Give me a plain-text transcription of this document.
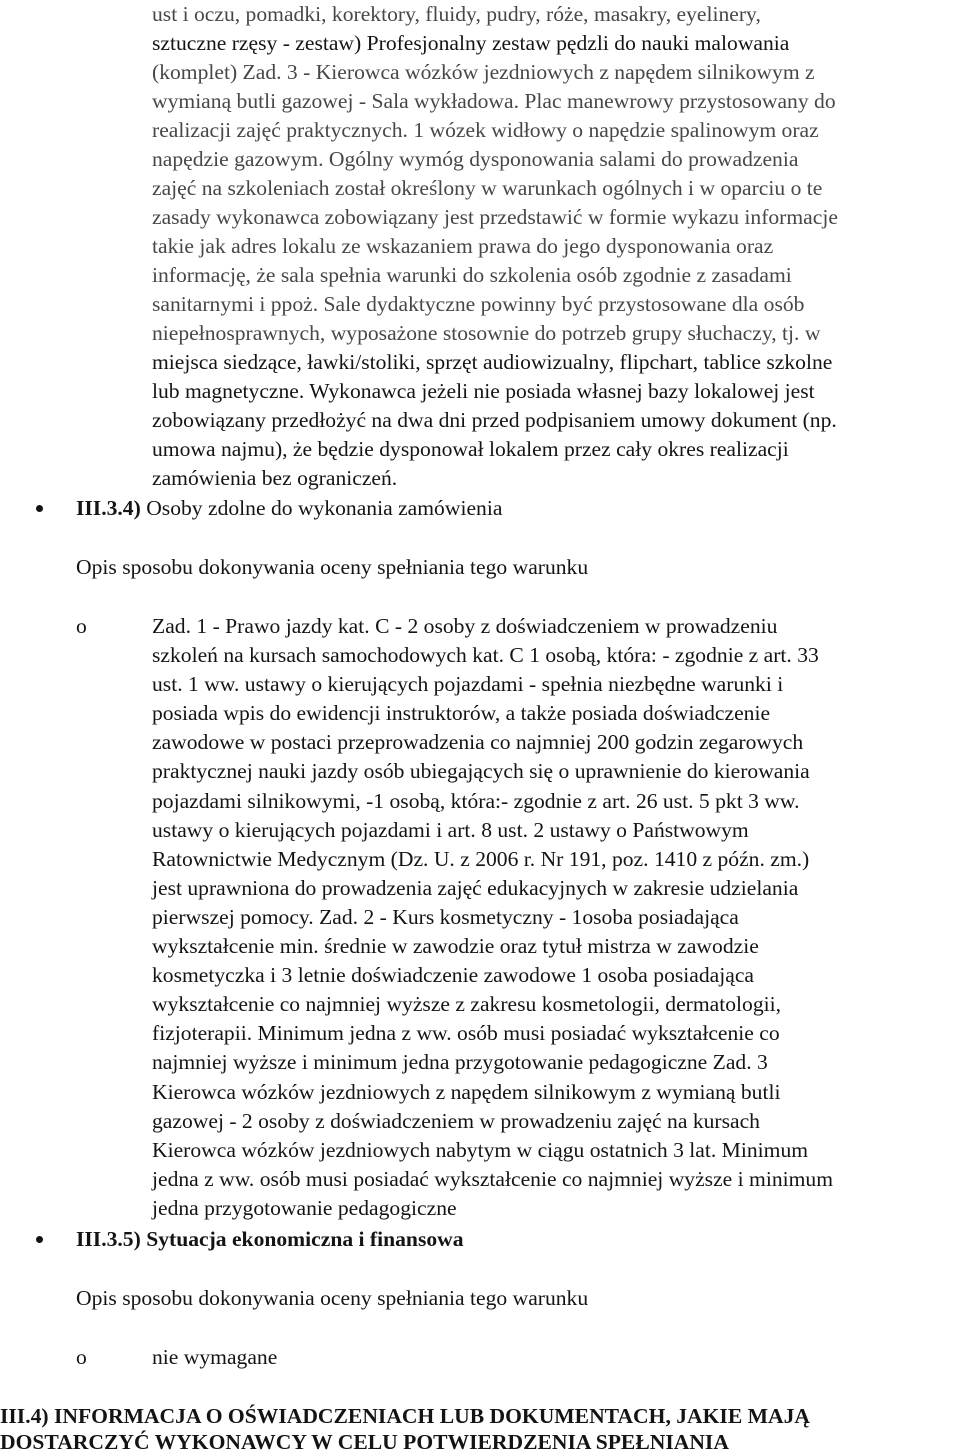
ust i oczu, pomadki, korektory, fluidy, pudry, róże, masakry, eyelinery,
sztuczne rzęsy - zestaw) Profesjonalny zestaw pędzli do nauki malowania
(komplet) Zad. 3 - Kierowca wózków jezdniowych z napędem silnikowym z
wymianą butli gazowej - Sala wykładowa. Plac manewrowy przystosowany do
realizacji zajęć praktycznych. 1 wózek widłowy o napędzie spalinowym oraz
napędzie gazowym. Ogólny wymóg dysponowania salami do prowadzenia
zajęć na szkoleniach został określony w warunkach ogólnych i w oparciu o te
zasady wykonawca zobowiązany jest przedstawić w formie wykazu informacje
takie jak adres lokalu ze wskazaniem prawa do jego dysponowania oraz
informację, że sala spełnia warunki do szkolenia osób zgodnie z zasadami
sanitarnymi i ppoż. Sale dydaktyczne powinny być przystosowane dla osób
niepełnosprawnych, wyposażone stosownie do potrzeb grupy słuchaczy, tj. w
miejsca siedzące, ławki/stoliki, sprzęt audiowizualny, flipchart, tablice szkolne
lub magnetyczne. Wykonawca jeżeli nie posiada własnej bazy lokalowej jest
zobowiązany przedłożyć na dwa dni przed podpisaniem umowy dokument (np.
umowa najmu), że będzie dysponował lokalem przez cały okres realizacji
zamówienia bez ograniczeń.
III.3.4) Osoby zdolne do wykonania zamówienia
Opis sposobu dokonywania oceny spełniania tego warunku
o	Zad. 1 - Prawo jazdy kat. C - 2 osoby z doświadczeniem w prowadzeniu
szkoleń na kursach samochodowych kat. C 1 osobą, która: - zgodnie z art. 33
ust. 1 ww. ustawy o kierujących pojazdami - spełnia niezbędne warunki i
posiada wpis do ewidencji instruktorów, a także posiada doświadczenie
zawodowe w postaci przeprowadzenia co najmniej 200 godzin zegarowych
praktycznej nauki jazdy osób ubiegających się o uprawnienie do kierowania
pojazdami silnikowymi, -1 osobą, która:- zgodnie z art. 26 ust. 5 pkt 3 ww.
ustawy o kierujących pojazdami i art. 8 ust. 2 ustawy o Państwowym
Ratownictwie Medycznym (Dz. U. z 2006 r. Nr 191, poz. 1410 z późn. zm.)
jest uprawniona do prowadzenia zajęć edukacyjnych w zakresie udzielania
pierwszej pomocy. Zad. 2 - Kurs kosmetyczny - 1osoba posiadająca
wykształcenie min. średnie w zawodzie oraz tytuł mistrza w zawodzie
kosmetyczka i 3 letnie doświadczenie zawodowe 1 osoba posiadająca
wykształcenie co najmniej wyższe z zakresu kosmetologii, dermatologii,
fizjoterapii. Minimum jedna z ww. osób musi posiadać wykształcenie co
najmniej wyższe i minimum jedna przygotowanie pedagogiczne Zad. 3
Kierowca wózków jezdniowych z napędem silnikowym z wymianą butli
gazowej - 2 osoby z doświadczeniem w prowadzeniu zajęć na kursach
Kierowca wózków jezdniowych nabytym w ciągu ostatnich 3 lat. Minimum
jedna z ww. osób musi posiadać wykształcenie co najmniej wyższe i minimum
jedna przygotowanie pedagogiczne
III.3.5) Sytuacja ekonomiczna i finansowa
Opis sposobu dokonywania oceny spełniania tego warunku
o	nie wymagane
III.4) INFORMACJA O OŚWIADCZENIACH LUB DOKUMENTACH, JAKIE MAJĄ
DOSTARCZYĆ WYKONAWCY W CELU POTWIERDZENIA SPEŁNIANIA
